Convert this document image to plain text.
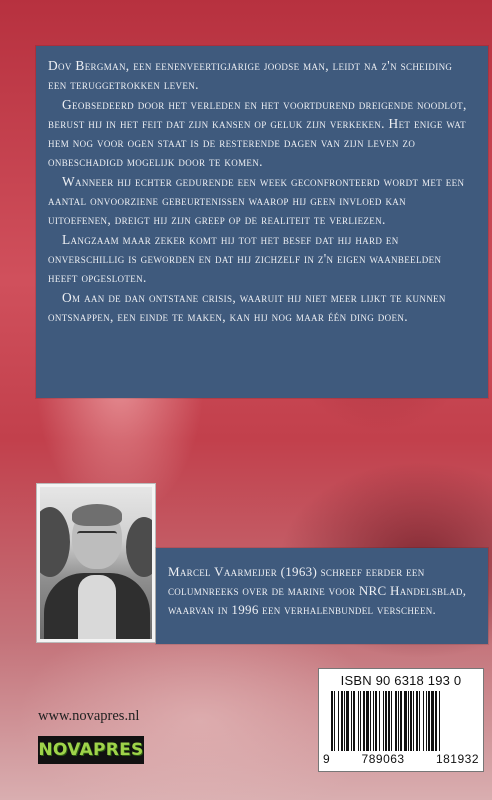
Dov Bergman, een eenenveertigjarige joodse man, leidt na z'n scheiding een teruggetrokken leven.

Geobsedeerd door het verleden en het voortdurend dreigende noodlot, berust hij in het feit dat zijn kansen op geluk zijn verkeken. Het enige wat hem nog voor ogen staat is de resterende dagen van zijn leven zo onbeschadigd mogelijk door te komen.

Wanneer hij echter gedurende een week geconfronteerd wordt met een aantal onvoorziene gebeurtenissen waarop hij geen invloed kan uitoefenen, dreigt hij zijn greep op de realiteit te verliezen.

Langzaam maar zeker komt hij tot het besef dat hij hard en onverschillig is geworden en dat hij zichzelf in z'n eigen waanbeelden heeft opgesloten.

Om aan de dan ontstane crisis, waaruit hij niet meer lijkt te kunnen ontsnappen, een einde te maken, kan hij nog maar één ding doen.

Marcel Vaarmeijer (1963) schreef eerder een columnreeks over de marine voor NRC Handelsblad, waarvan in 1996 een verhalenbundel verscheen.

ISBN 90 6318 193 0
9	789063	181932
www.novapres.nl
NOVAPRES
